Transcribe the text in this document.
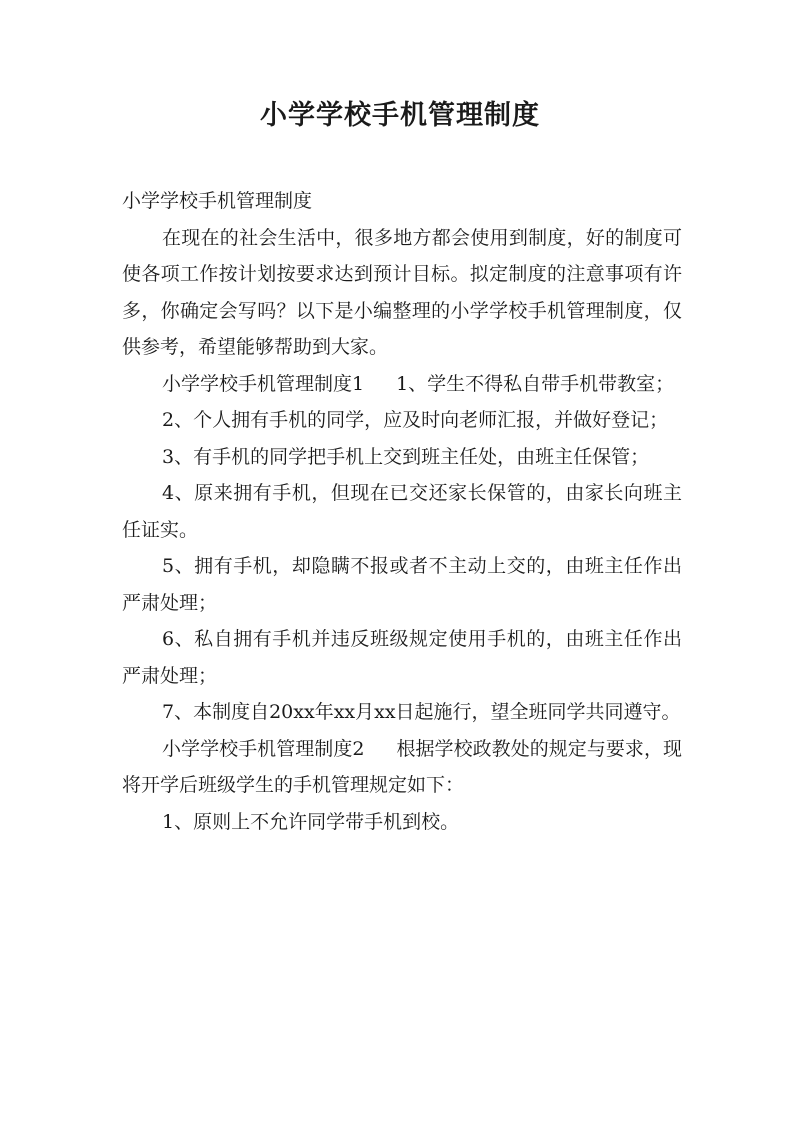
小学学校手机管理制度

小学学校手机管理制度

在现在的社会生活中，很多地方都会使用到制度，好的制度可使各项工作按计划按要求达到预计目标。拟定制度的注意事项有许多，你确定会写吗？以下是小编整理的小学学校手机管理制度，仅供参考，希望能够帮助到大家。

小学学校手机管理制度1 1、学生不得私自带手机带教室；

2、个人拥有手机的同学，应及时向老师汇报，并做好登记；

3、有手机的同学把手机上交到班主任处，由班主任保管；

4、原来拥有手机，但现在已交还家长保管的，由家长向班主任证实。

5、拥有手机，却隐瞒不报或者不主动上交的，由班主任作出严肃处理；

6、私自拥有手机并违反班级规定使用手机的，由班主任作出严肃处理；

7、本制度自20xx年xx月xx日起施行，望全班同学共同遵守。

小学学校手机管理制度2 根据学校政教处的规定与要求，现将开学后班级学生的手机管理规定如下：

1、原则上不允许同学带手机到校。
